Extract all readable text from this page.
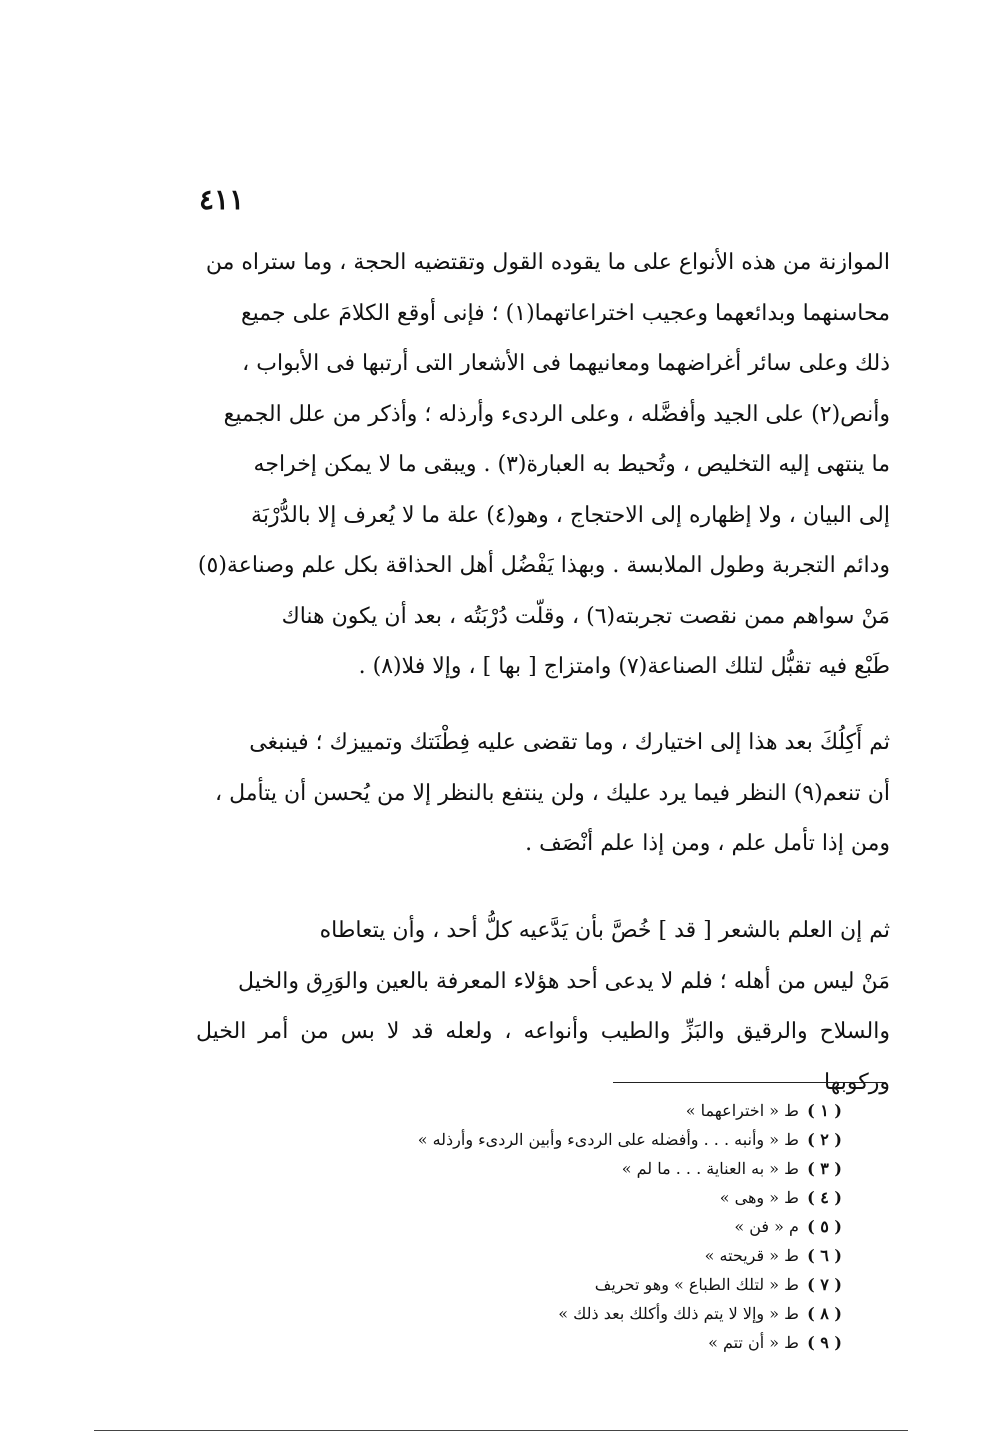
٤١١

الموازنة من هذه الأنواع على ما يقوده القول وتقتضيه الحجة ، وما ستراه من

محاسنهما وبدائعهما وعجيب اختراعاتهما(١) ؛ فإنى أوقع الكلامَ على جميع

ذلك وعلى سائر أغراضهما ومعانيهما فى الأشعار التى أرتبها فى الأبواب ،

وأنص(٢) على الجيد وأفضَّله ، وعلى الردىء وأرذله ؛ وأذكر من علل الجميع

ما ينتهى إليه التخليص ، وتُحيط به العبارة(٣) . ويبقى ما لا يمكن إخراجه

إلى البيان ، ولا إظهاره إلى الاحتجاج ، وهو(٤) علة ما لا يُعرف إلا بالدُّرْبَة

ودائم التجربة وطول الملابسة . وبهذا يَفْضُل أهل الحذاقة بكل علم وصناعة(٥)

مَنْ سواهم ممن نقصت تجربته(٦) ، وقلّت دُرْبَتُه ، بعد أن يكون هناك

طَبْع فيه تقبُّل لتلك الصناعة(٧) وامتزاج [ بها ] ، وإلا فلا(٨) .

ثم أَكِلُكَ بعد هذا إلى اختيارك ، وما تقضى عليه فِطْنَتك وتمييزك ؛ فينبغى

أن تنعم(٩) النظر فيما يرد عليك ، ولن ينتفع بالنظر إلا من يُحسن أن يتأمل ،

ومن إذا تأمل علم ، ومن إذا علم أنْصَف .

ثم إن العلم بالشعر [ قد ] خُصَّ بأن يَدَّعيه كلُّ أحد ، وأن يتعاطاه

مَنْ ليس من أهله ؛ فلم لا يدعى أحد هؤلاء المعرفة بالعين والوَرِق والخيل

والسلاح والرقيق والبَزِّ والطيب وأنواعه ، ولعله قد لا بس من أمر الخيل وركوبها

( ١ ) ط « اختراعهما »
( ٢ ) ط « وأنبه . . . وأفضله على الردىء وأبين الردىء وأرذله »
( ٣ ) ط « به العناية . . . ما لم »
( ٤ ) ط « وهى »
( ٥ ) م « فن »
( ٦ ) ط « قريحته »
( ٧ ) ط « لتلك الطباع » وهو تحريف
( ٨ ) ط « وإلا لا يتم ذلك وأكلك بعد ذلك »
( ٩ ) ط « أن تتم »
